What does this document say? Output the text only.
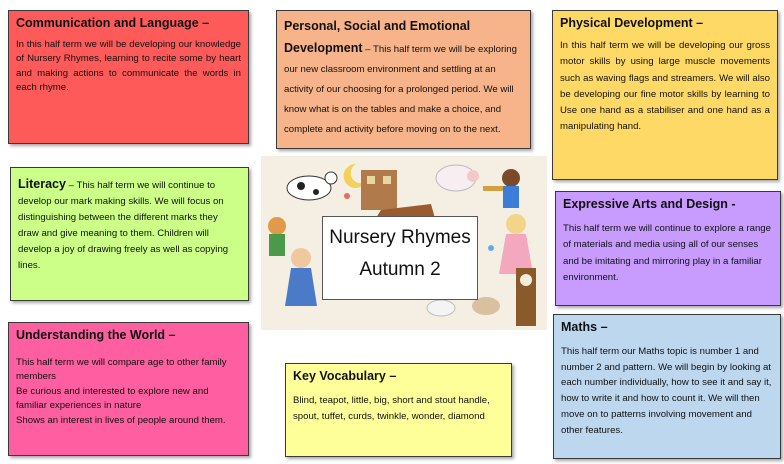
Communication and Language –
In this half term we will be developing our knowledge of Nursery Rhymes, learning to recite some by heart and making actions to communicate the words in each rhyme.
Personal, Social and Emotional Development – This half term we will be exploring our new classroom environment and settling at an activity of our choosing for a prolonged period. We will know what is on the tables and make a choice, and complete and activity before moving on to the next.
Physical Development –
In this half term we will be developing our gross motor skills by using large muscle movements such as waving flags and streamers. We will also be developing our fine motor skills by learning to Use one hand as a stabiliser and one hand as a manipulating hand.
Literacy – This half term we will continue to develop our mark making skills. We will focus on distinguishing between the different marks they draw and give meaning to them. Children will develop a joy of drawing freely as well as copying lines.
Nursery Rhymes
Autumn 2
Expressive Arts and Design -
This half term we will continue to explore a range of materials and media using all of our senses and be imitating and mirroring play in a familiar environment.
Understanding the World –

This half term we will compare age to other family members

Be curious and interested to explore new and familiar experiences in nature

Shows an interest in lives of people around them.

Key Vocabulary –
Blind, teapot, little, big, short and stout handle, spout, tuffet, curds, twinkle, wonder, diamond
Maths –
This half term our Maths topic is number 1 and number 2 and pattern. We will begin by looking at each number individually, how to see it and say it, how to write it and how to count it. We will then move on to patterns involving movement and other features.
